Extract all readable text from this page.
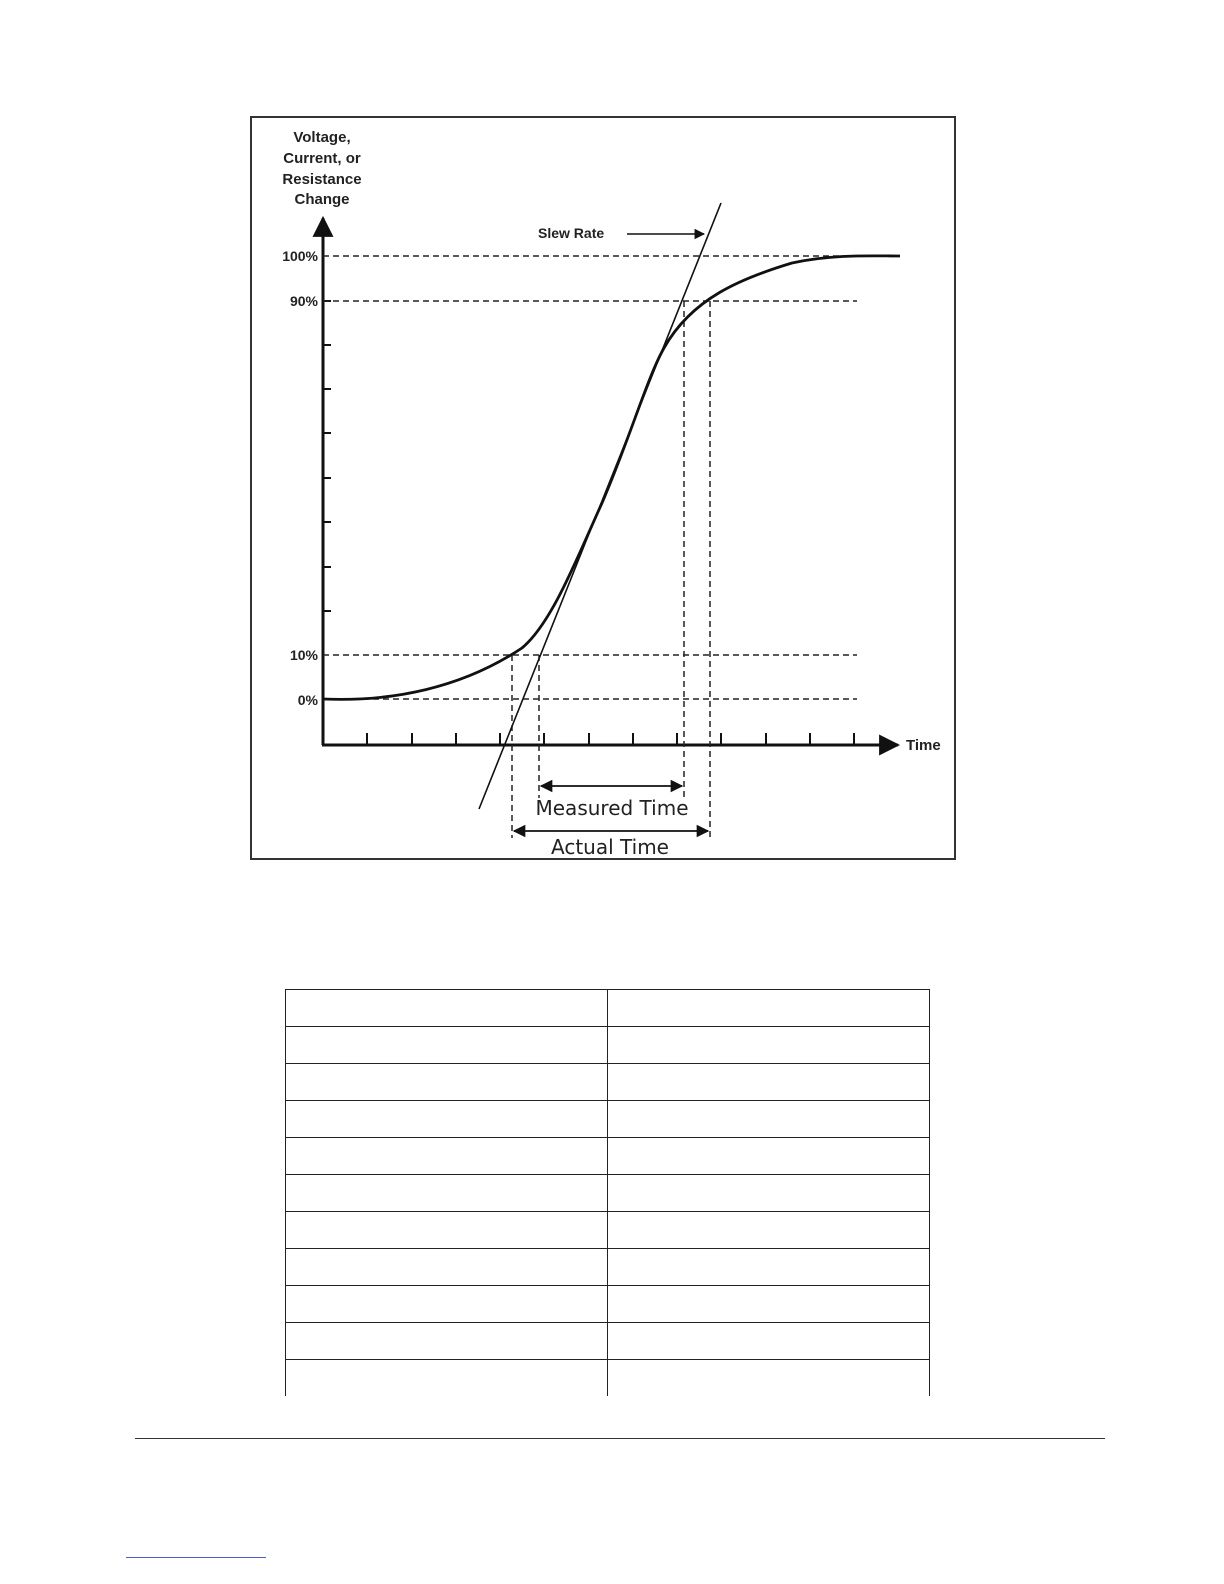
Voltage,
Current, or
Resistance
Change
Time
100%
90%
10%
0%
Slew Rate
Measured Time
Actual Time
